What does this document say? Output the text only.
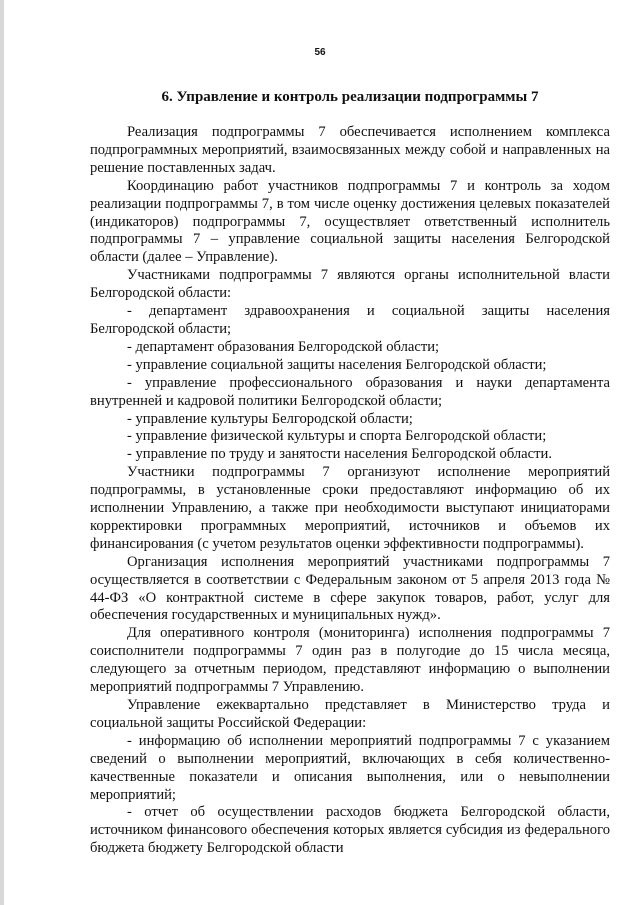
56
6. Управление и контроль реализации подпрограммы 7

Реализация подпрограммы 7 обеспечивается исполнением комплекса подпрограммных мероприятий, взаимосвязанных между собой и направленных на решение поставленных задач.

Координацию работ участников подпрограммы 7 и контроль за ходом реализации подпрограммы 7, в том числе оценку достижения целевых показателей (индикаторов) подпрограммы 7, осуществляет ответственный исполнитель подпрограммы 7 – управление социальной защиты населения Белгородской области (далее – Управление).

Участниками подпрограммы 7 являются органы исполнительной власти Белгородской области:

- департамент здравоохранения и социальной защиты населения Белгородской области;

- департамент образования Белгородской области;

- управление социальной защиты населения Белгородской области;

- управление профессионального образования и науки департамента внутренней и кадровой политики Белгородской области;

- управление культуры Белгородской области;

- управление физической культуры и спорта Белгородской области;

- управление по труду и занятости населения Белгородской области.

Участники подпрограммы 7 организуют исполнение мероприятий подпрограммы, в установленные сроки предоставляют информацию об их исполнении Управлению, а также при необходимости выступают инициаторами корректировки программных мероприятий, источников и объемов их финансирования (с учетом результатов оценки эффективности подпрограммы).

Организация исполнения мероприятий участниками подпрограммы 7 осуществляется в соответствии с Федеральным законом от 5 апреля 2013 года № 44-ФЗ «О контрактной системе в сфере закупок товаров, работ, услуг для обеспечения государственных и муниципальных нужд».

Для оперативного контроля (мониторинга) исполнения подпрограммы 7 соисполнители подпрограммы 7 один раз в полугодие до 15 числа месяца, следующего за отчетным периодом, представляют информацию о выполнении мероприятий подпрограммы 7 Управлению.

Управление ежеквартально представляет в Министерство труда и социальной защиты Российской Федерации:

- информацию об исполнении мероприятий подпрограммы 7 с указанием сведений о выполнении мероприятий, включающих в себя количественно-качественные показатели и описания выполнения, или о невыполнении мероприятий;

- отчет об осуществлении расходов бюджета Белгородской области, источником финансового обеспечения которых является субсидия из федерального бюджета бюджету Белгородской области
